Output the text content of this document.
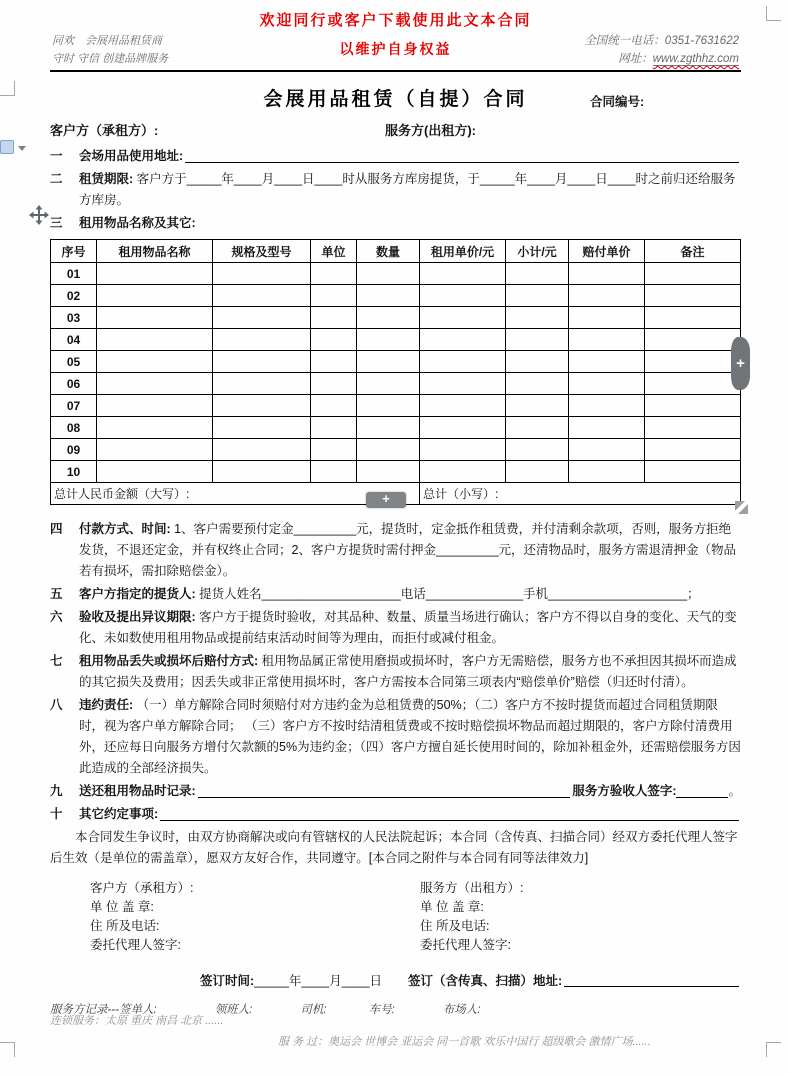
欢迎同行或客户下载使用此文本合同
以维护自身权益
同欢　会展用品租赁商
守时 守信 创建品牌服务
全国统一电话：0351-7631622
网址：www.zgthhz.com
会展用品租赁（自提）合同	合同编号:
客户方（承租方）:	服务方(出租方):
一 会场用品使用地址:
二 租赁期限: 客户方于_____年____月____日____时从服务方库房提货，于_____年____月____日____时之前归还给服务方库房。
三 租用物品名称及其它:
序号	租用物品名称	规格及型号	单位	数量	租用单价/元	小计/元	赔付单价	备注
01								
02								
03								
04								
05								
06								
07								
08								
09								
10								
总计人民币金额（大写）:					总计（小写）:			
四 付款方式、时间: 1、客户需要预付定金_________元，提货时，定金抵作租赁费，并付清剩余款项，否则，服务方拒绝发货，不退还定金，并有权终止合同；2、客户方提货时需付押金_________元，还清物品时，服务方需退清押金（物品若有损坏，需扣除赔偿金）。
五 客户方指定的提货人: 提货人姓名____________________电话______________手机____________________；
六 验收及提出异议期限: 客户方于提货时验收，对其品种、数量、质量当场进行确认；客户方不得以自身的变化、天气的变化、未如数使用租用物品或提前结束活动时间等为理由，而拒付或减付租金。
七 租用物品丢失或损坏后赔付方式: 租用物品属正常使用磨损或损坏时，客户方无需赔偿，服务方也不承担因其损坏而造成的其它损失及费用；因丢失或非正常使用损坏时，客户方需按本合同第三项表内“赔偿单价”赔偿（归还时付清）。
八 违约责任: （一）单方解除合同时须赔付对方违约金为总租赁费的50%；（二）客户方不按时提货而超过合同租赁期限时，视为客户单方解除合同； （三）客户方不按时结清租赁费或不按时赔偿损坏物品而超过期限的，客户方除付清费用外，还应每日向服务方增付欠款额的5%为违约金；（四）客户方擅自延长使用时间的，除加补租金外，还需赔偿服务方因此造成的全部经济损失。
九 送还租用物品时记录:	服务方验收人签字:	。
十 其它约定事项:
本合同发生争议时，由双方协商解决或向有管辖权的人民法院起诉；本合同（含传真、扫描合同）经双方委托代理人签字后生效（是单位的需盖章），愿双方友好合作，共同遵守。[本合同之附件与本合同有同等法律效力]
客户方（承租方）:
单 位 盖 章:
住 所及电话:
委托代理人签字:
服务方（出租方）:
单 位 盖 章:
住 所及电话:
委托代理人签字:
签订时间: _____年____月____日 签订（含传真、扫描）地址:
服务方记录---签单人:	领班人:	司机:	车号:	布场人:
连锁服务：太原 重庆 南昌 北京 ......
服 务 过：奥运会 世博会 亚运会 同一首歌 欢乐中国行 超级歌会 激情广场......
+
+
